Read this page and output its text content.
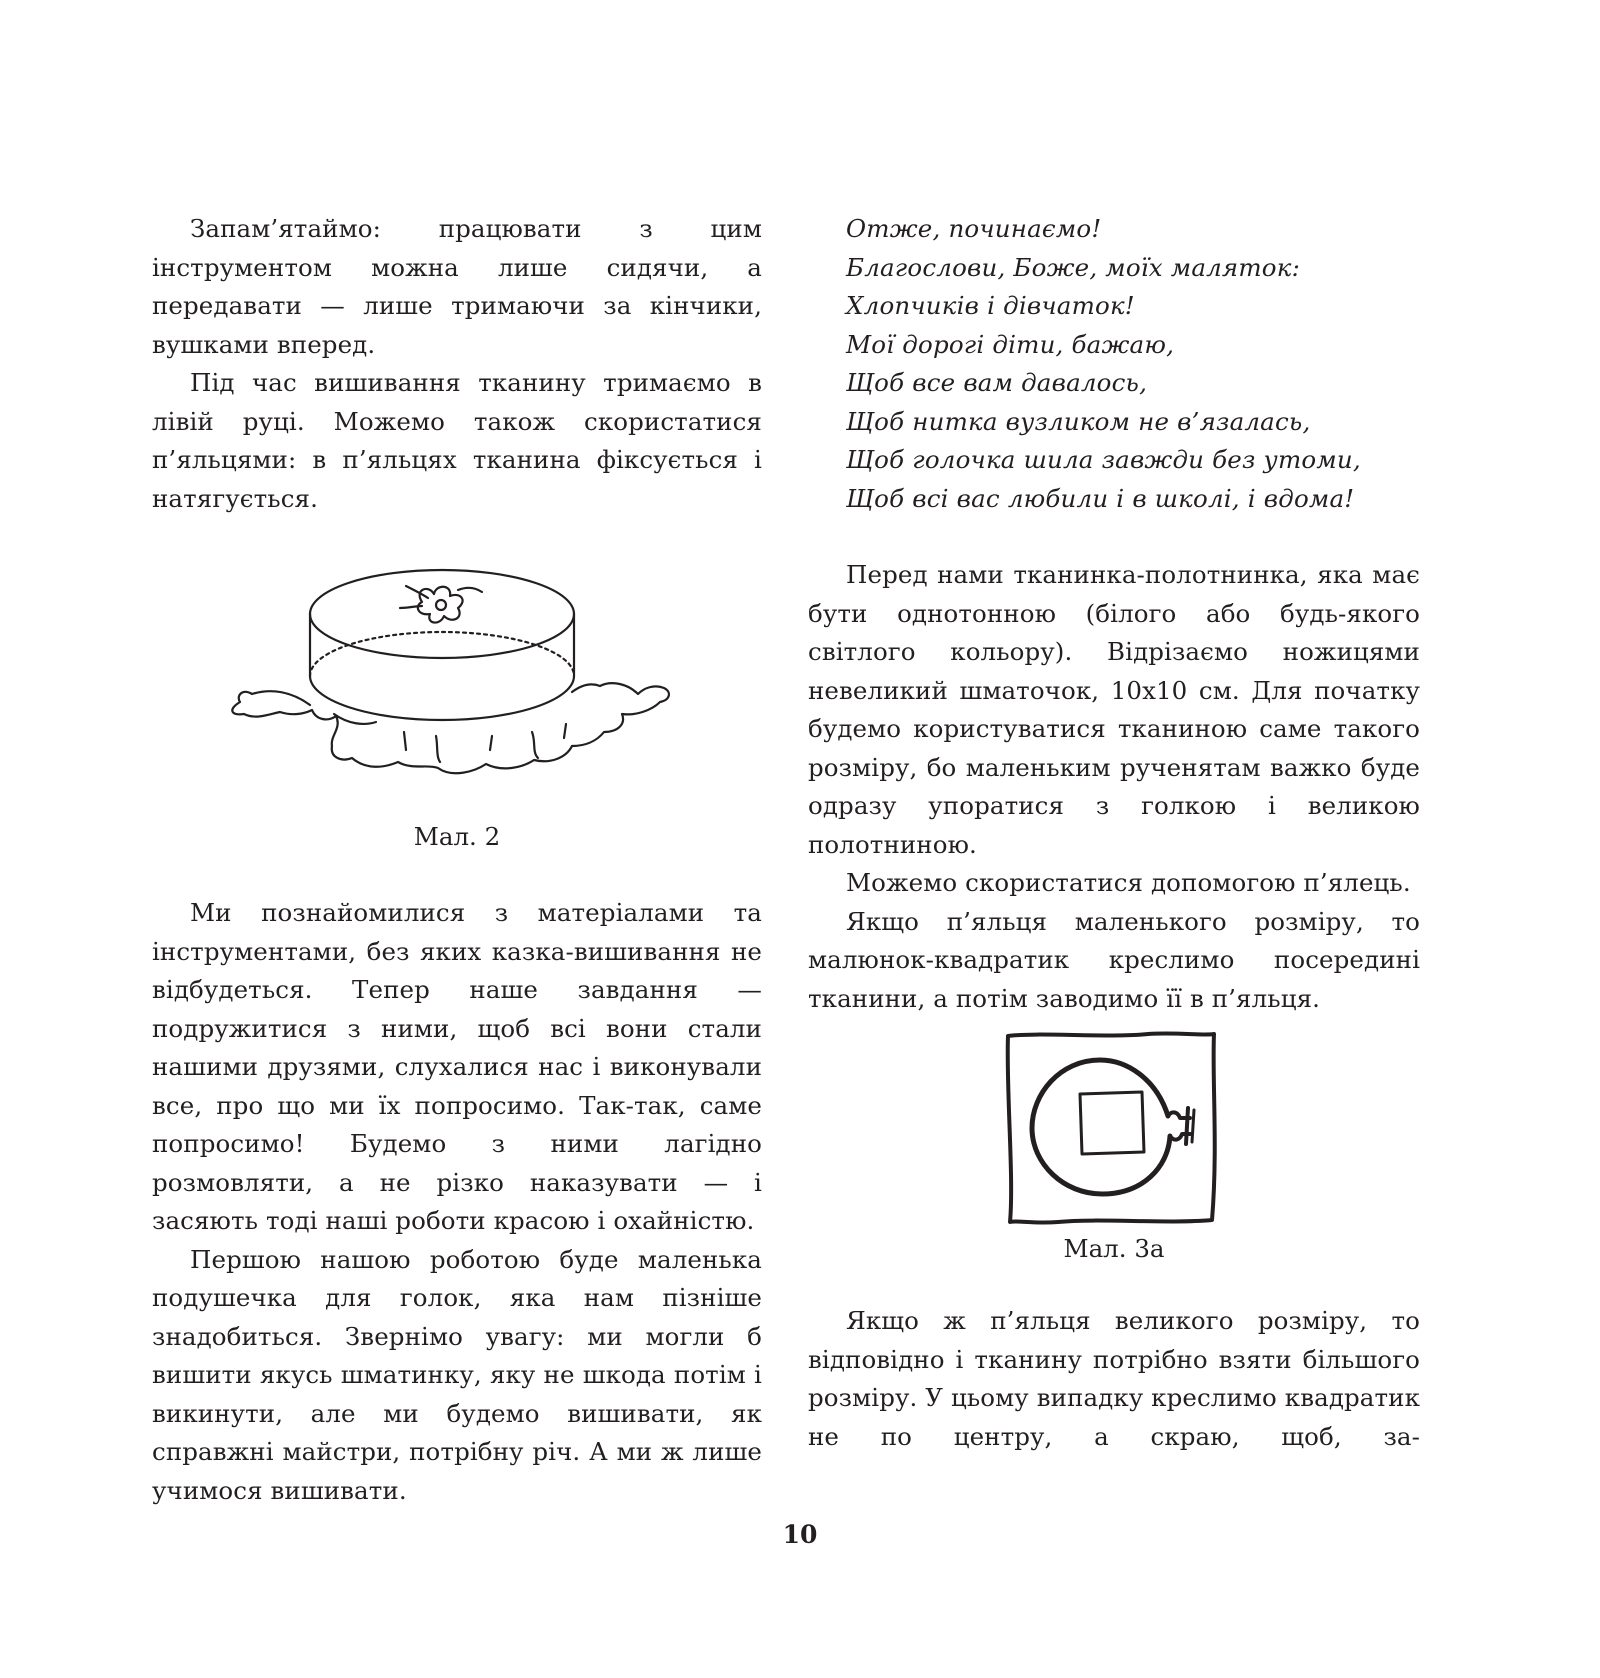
Запам’ятаймо: працювати з цим інструментом можна лише сидячи, а передавати — лише тримаючи за кінчики, вушками вперед.

Під час вишивання тканину тримаємо в лівій руці. Можемо також скористатися п’яльцями: в п’яльцях тканина фіксується і натягується.

Мал. 2

Ми познайомилися з матеріалами та інструментами, без яких казка-вишивання не відбудеться. Тепер наше завдання — подружитися з ними, щоб всі вони стали нашими друзями, слухалися нас і виконували все, про що ми їх попросимо. Так-так, саме попросимо! Будемо з ними лагідно розмовляти, а не різко наказувати — і засяють тоді наші роботи красою і охайністю.

Першою нашою роботою буде маленька подушечка для голок, яка нам пізніше знадобиться. Звернімо увагу: ми могли б вишити якусь шматинку, яку не шкода потім і викинути, але ми будемо вишивати, як справжні майстри, потрібну річ. А ми ж лише учимося вишивати.

Отже, починаємо!
Благослови, Боже, моїх маляток:
Хлопчиків і дівчаток!
Мої дорогі діти, бажаю,
Щоб все вам давалось,
Щоб нитка вузликом не в’язалась,
Щоб голочка шила завжди без утоми,
Щоб всі вас любили і в школі, і вдома!

Перед нами тканинка-полотнинка, яка має бути однотонною (білого або будь-якого світлого кольору). Відрізаємо ножицями невеликий шматочок, 10х10 см. Для початку будемо користуватися тканиною саме такого розміру, бо маленьким рученятам важко буде одразу упоратися з голкою і великою полотниною.

Можемо скористатися допомогою п’ялець.

Якщо п’яльця маленького розміру, то малюнок-квадратик креслимо посередині тканини, а потім заводимо її в п’яльця.

Мал. 3а

Якщо ж п’яльця великого розміру, то відповідно і тканину потрібно взяти більшого розміру. У цьому випадку креслимо квадратик не по центру, а скраю, щоб, за-

10
